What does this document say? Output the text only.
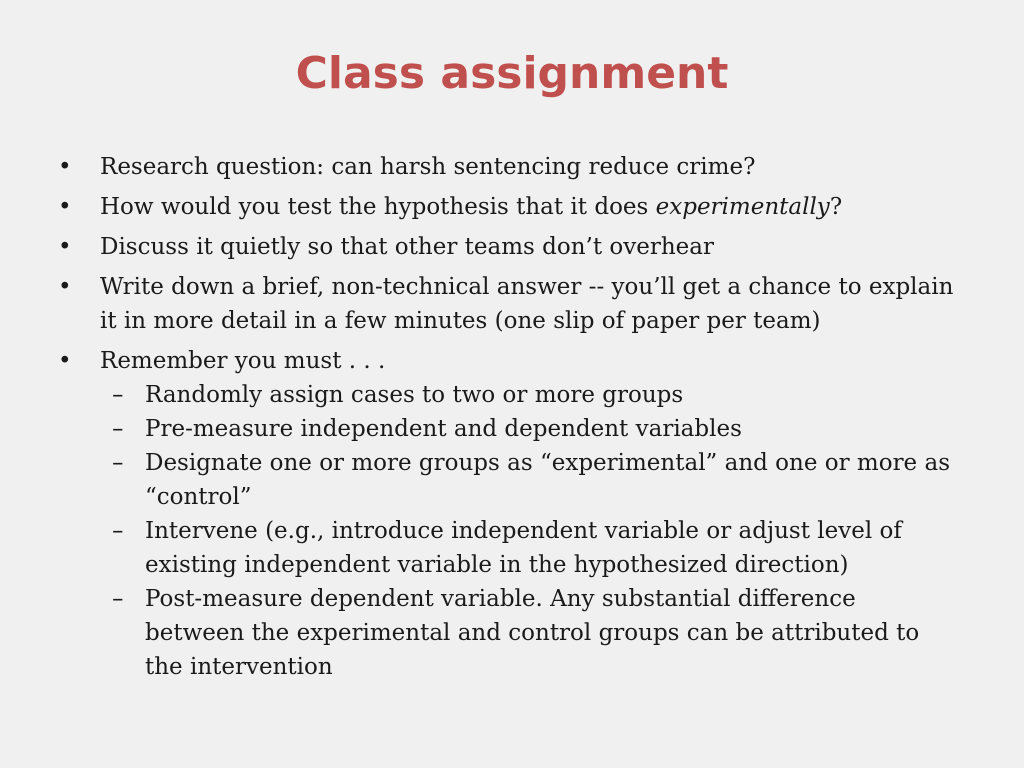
Class assignment
• Research question: can harsh sentencing reduce crime?
• How would you test the hypothesis that it does experimentally?
• Discuss it quietly so that other teams don’t overhear
• Write down a brief, non-technical answer -- you’ll get a chance to explain it in more detail in a few minutes (one slip of paper per team)
• Remember you must . . .
– Randomly assign cases to two or more groups
– Pre-measure independent and dependent variables
– Designate one or more groups as “experimental” and one or more as “control”
– Intervene (e.g., introduce independent variable or adjust level of existing independent variable in the hypothesized direction)
– Post-measure dependent variable. Any substantial difference between the experimental and control groups can be attributed to the intervention
